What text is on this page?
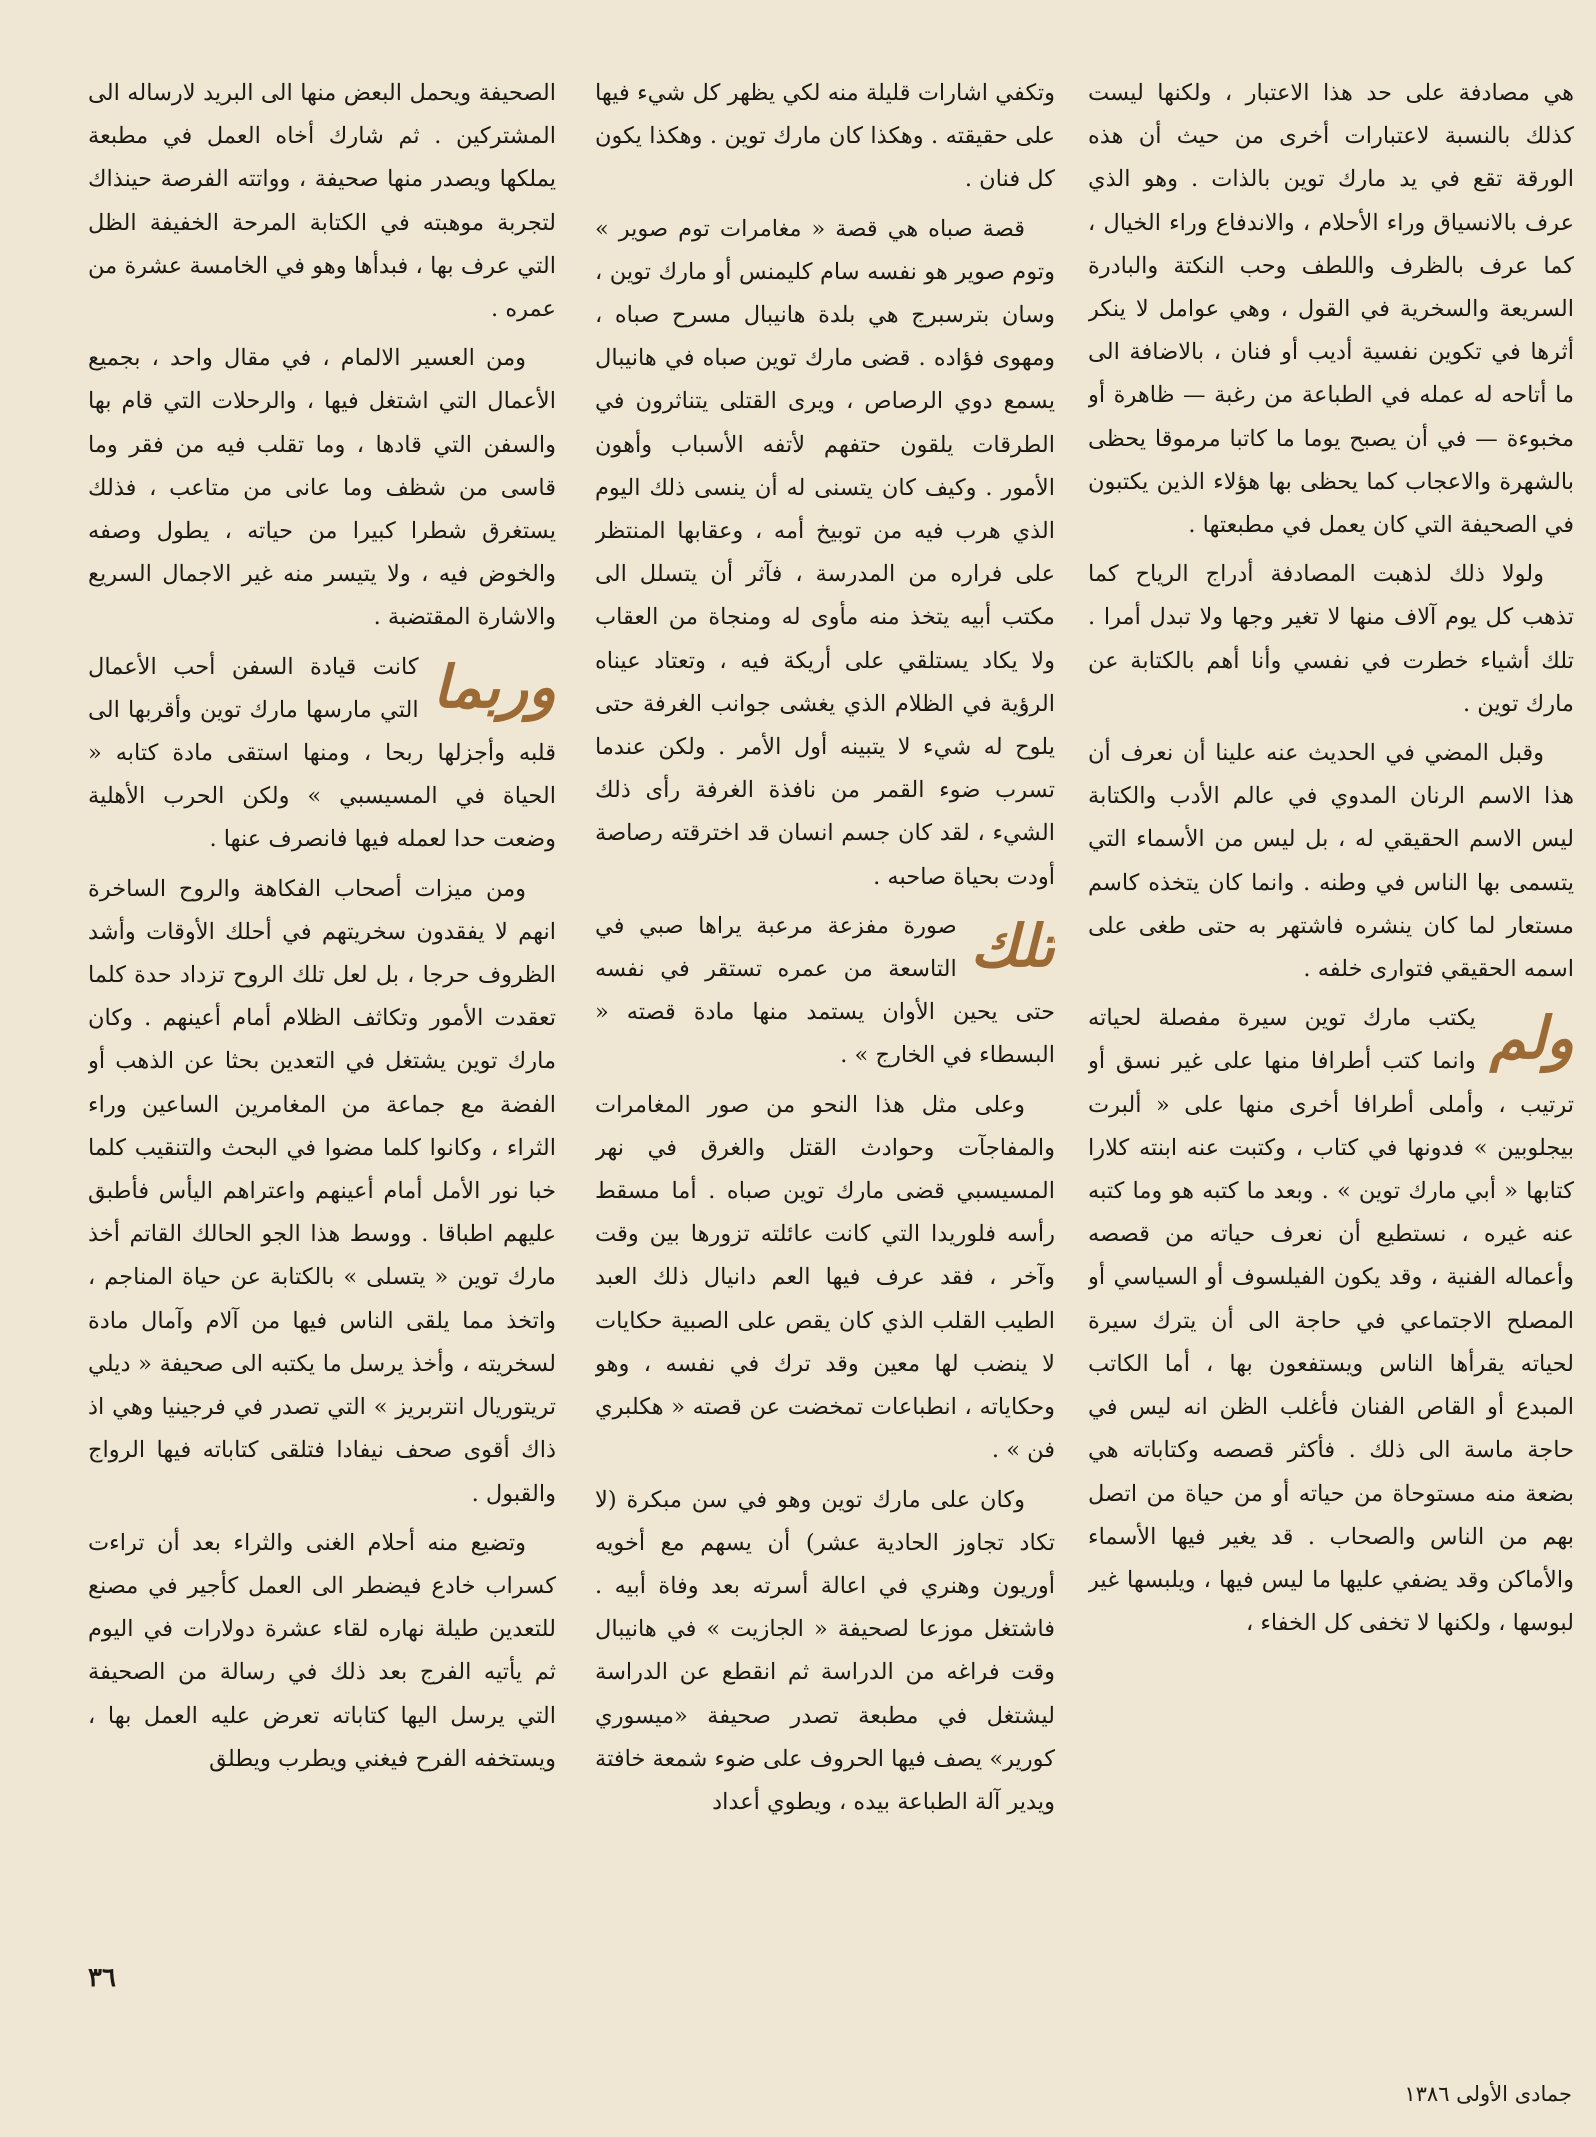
هي مصادفة على حد هذا الاعتبار ، ولكنها ليست كذلك بالنسبة لاعتبارات أخرى من حيث أن هذه الورقة تقع في يد مارك توين بالذات . وهو الذي عرف بالانسياق وراء الأحلام ، والاندفاع وراء الخيال ، كما عرف بالظرف واللطف وحب النكتة والبادرة السريعة والسخرية في القول ، وهي عوامل لا ينكر أثرها في تكوين نفسية أديب أو فنان ، بالاضافة الى ما أتاحه له عمله في الطباعة من رغبة — ظاهرة أو مخبوءة — في أن يصبح يوما ما كاتبا مرموقا يحظى بالشهرة والاعجاب كما يحظى بها هؤلاء الذين يكتبون في الصحيفة التي كان يعمل في مطبعتها .

ولولا ذلك لذهبت المصادفة أدراج الرياح كما تذهب كل يوم آلاف منها لا تغير وجها ولا تبدل أمرا . تلك أشياء خطرت في نفسي وأنا أهم بالكتابة عن مارك توين .

وقبل المضي في الحديث عنه علينا أن نعرف أن هذا الاسم الرنان المدوي في عالم الأدب والكتابة ليس الاسم الحقيقي له ، بل ليس من الأسماء التي يتسمى بها الناس في وطنه . وانما كان يتخذه كاسم مستعار لما كان ينشره فاشتهر به حتى طغى على اسمه الحقيقي فتوارى خلفه .

ولم

يكتب مارك توين سيرة مفصلة لحياته وانما كتب أطرافا منها على غير نسق أو ترتيب ، وأملى أطرافا أخرى منها على « ألبرت بيجلوبين » فدونها في كتاب ، وكتبت عنه ابنته كلارا كتابها « أبي مارك توين » . وبعد ما كتبه هو وما كتبه عنه غيره ، نستطيع أن نعرف حياته من قصصه وأعماله الفنية ، وقد يكون الفيلسوف أو السياسي أو المصلح الاجتماعي في حاجة الى أن يترك سيرة لحياته يقرأها الناس ويستفعون بها ، أما الكاتب المبدع أو القاص الفنان فأغلب الظن انه ليس في حاجة ماسة الى ذلك . فأكثر قصصه وكتاباته هي بضعة منه مستوحاة من حياته أو من حياة من اتصل بهم من الناس والصحاب . قد يغير فيها الأسماء والأماكن وقد يضفي عليها ما ليس فيها ، ويلبسها غير لبوسها ، ولكنها لا تخفى كل الخفاء ،

وتكفي اشارات قليلة منه لكي يظهر كل شيء فيها على حقيقته . وهكذا كان مارك توين . وهكذا يكون كل فنان .

قصة صباه هي قصة « مغامرات توم صوير » وتوم صوير هو نفسه سام كليمنس أو مارك توين ، وسان بترسبرج هي بلدة هانيبال مسرح صباه ، ومهوى فؤاده . قضى مارك توين صباه في هانيبال يسمع دوي الرصاص ، ويرى القتلى يتناثرون في الطرقات يلقون حتفهم لأتفه الأسباب وأهون الأمور . وكيف كان يتسنى له أن ينسى ذلك اليوم الذي هرب فيه من توبيخ أمه ، وعقابها المنتظر على فراره من المدرسة ، فآثر أن يتسلل الى مكتب أبيه يتخذ منه مأوى له ومنجاة من العقاب ولا يكاد يستلقي على أريكة فيه ، وتعتاد عيناه الرؤية في الظلام الذي يغشى جوانب الغرفة حتى يلوح له شيء لا يتبينه أول الأمر . ولكن عندما تسرب ضوء القمر من نافذة الغرفة رأى ذلك الشيء ، لقد كان جسم انسان قد اخترقته رصاصة أودت بحياة صاحبه .

تلك

صورة مفزعة مرعبة يراها صبي في التاسعة من عمره تستقر في نفسه حتى يحين الأوان يستمد منها مادة قصته « البسطاء في الخارج » .

وعلى مثل هذا النحو من صور المغامرات والمفاجآت وحوادث القتل والغرق في نهر المسيسبي قضى مارك توين صباه . أما مسقط رأسه فلوريدا التي كانت عائلته تزورها بين وقت وآخر ، فقد عرف فيها العم دانيال ذلك العبد الطيب القلب الذي كان يقص على الصبية حكايات لا ينضب لها معين وقد ترك في نفسه ، وهو وحكاياته ، انطباعات تمخضت عن قصته « هكلبري فن » .

وكان على مارك توين وهو في سن مبكرة (لا تكاد تجاوز الحادية عشر) أن يسهم مع أخويه أوريون وهنري في اعالة أسرته بعد وفاة أبيه . فاشتغل موزعا لصحيفة « الجازيت » في هانيبال وقت فراغه من الدراسة ثم انقطع عن الدراسة ليشتغل في مطبعة تصدر صحيفة «ميسوري كورير» يصف فيها الحروف على ضوء شمعة خافتة ويدير آلة الطباعة بيده ، ويطوي أعداد

الصحيفة ويحمل البعض منها الى البريد لارساله الى المشتركين . ثم شارك أخاه العمل في مطبعة يملكها ويصدر منها صحيفة ، وواتته الفرصة حينذاك لتجربة موهبته في الكتابة المرحة الخفيفة الظل التي عرف بها ، فبدأها وهو في الخامسة عشرة من عمره .

ومن العسير الالمام ، في مقال واحد ، بجميع الأعمال التي اشتغل فيها ، والرحلات التي قام بها والسفن التي قادها ، وما تقلب فيه من فقر وما قاسى من شظف وما عانى من متاعب ، فذلك يستغرق شطرا كبيرا من حياته ، يطول وصفه والخوض فيه ، ولا يتيسر منه غير الاجمال السريع والاشارة المقتضبة .

وربما

كانت قيادة السفن أحب الأعمال التي مارسها مارك توين وأقربها الى قلبه وأجزلها ربحا ، ومنها استقى مادة كتابه « الحياة في المسيسبي » ولكن الحرب الأهلية وضعت حدا لعمله فيها فانصرف عنها .

ومن ميزات أصحاب الفكاهة والروح الساخرة انهم لا يفقدون سخريتهم في أحلك الأوقات وأشد الظروف حرجا ، بل لعل تلك الروح تزداد حدة كلما تعقدت الأمور وتكاثف الظلام أمام أعينهم . وكان مارك توين يشتغل في التعدين بحثا عن الذهب أو الفضة مع جماعة من المغامرين الساعين وراء الثراء ، وكانوا كلما مضوا في البحث والتنقيب كلما خبا نور الأمل أمام أعينهم واعتراهم اليأس فأطبق عليهم اطباقا . ووسط هذا الجو الحالك القاتم أخذ مارك توين « يتسلى » بالكتابة عن حياة المناجم ، واتخذ مما يلقى الناس فيها من آلام وآمال مادة لسخريته ، وأخذ يرسل ما يكتبه الى صحيفة « ديلي تريتوريال انتربريز » التي تصدر في فرجينيا وهي اذ ذاك أقوى صحف نيفادا فتلقى كتاباته فيها الرواج والقبول .

وتضيع منه أحلام الغنى والثراء بعد أن تراءت كسراب خادع فيضطر الى العمل كأجير في مصنع للتعدين طيلة نهاره لقاء عشرة دولارات في اليوم ثم يأتيه الفرج بعد ذلك في رسالة من الصحيفة التي يرسل اليها كتاباته تعرض عليه العمل بها ، ويستخفه الفرح فيغني ويطرب ويطلق

٣٦
جمادى الأولى ١٣٨٦
